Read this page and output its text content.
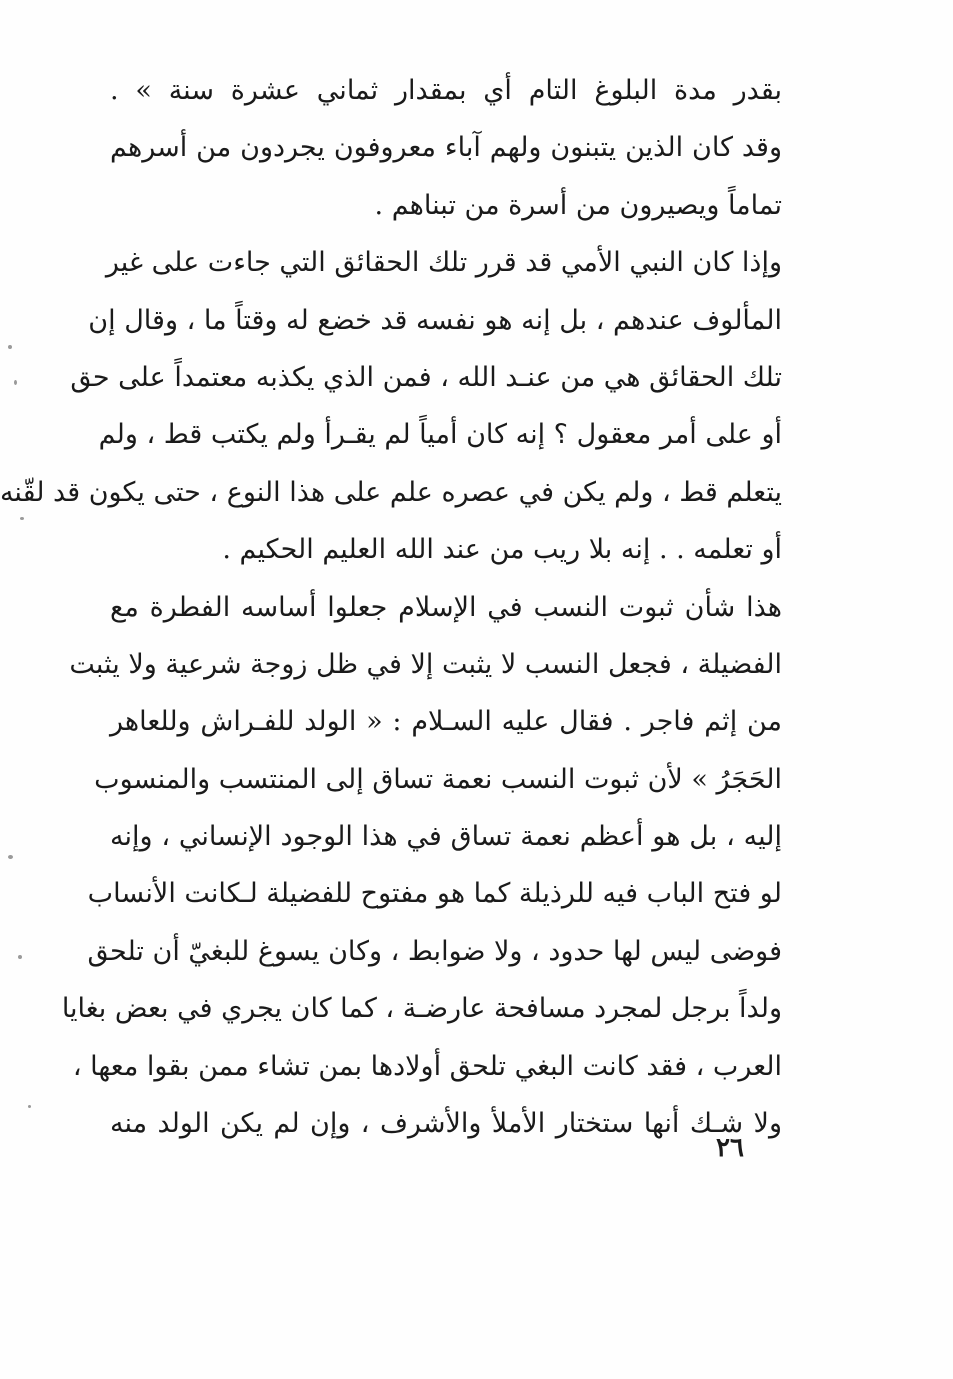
بقدر مدة البلوغ التام أي بمقدار ثماني عشرة سنة » .
وقد كان الذين يتبنون ولهم آباء معروفون يجردون من أسرهم
تماماً ويصيرون من أسرة من تبناهم .
وإذا كان النبي الأمي قد قرر تلك الحقائق التي جاءت على غير
المألوف عندهم ، بل إنه هو نفسه قد خضع له وقتاً ما ، وقال إن
تلك الحقائق هي من عنـد الله ، فمن الذي يكذبه معتمداً على حق
أو على أمر معقول ؟ إنه كان أمياً لم يقـرأ ولم يكتب قط ، ولم
يتعلم قط ، ولم يكن في عصره علم على هذا النوع ، حتى يكون قد لقّنه
أو تعلمه . . إنه بلا ريب من عند الله العليم الحكيم .
هذا شأن ثبوت النسب في الإسلام جعلوا أساسه الفطرة مع
الفضيلة ، فجعل النسب لا يثبت إلا في ظل زوجة شرعية ولا يثبت
من إثم فاجر . فقال عليه السـلام : « الولد للفـراش وللعاهر
الحَجَرُ » لأن ثبوت النسب نعمة تساق إلى المنتسب والمنسوب
إليه ، بل هو أعظم نعمة تساق في هذا الوجود الإنساني ، وإنه
لو فتح الباب فيه للرذيلة كما هو مفتوح للفضيلة لـكانت الأنساب
فوضى ليس لها حدود ، ولا ضوابط ، وكان يسوغ للبغيّ أن تلحق
ولداً برجل لمجرد مسافحة عارضـة ، كما كان يجري في بعض بغايا
العرب ، فقد كانت البغي تلحق أولادها بمن تشاء ممن بقوا معها ،
ولا شـك أنها ستختار الأملأ والأشرف ، وإن لم يكن الولد منه
٢٦
